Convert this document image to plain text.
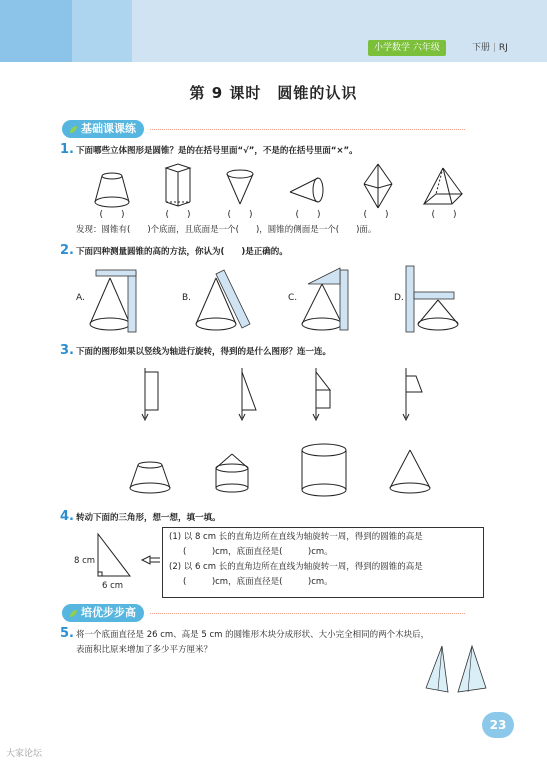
小学数学 六年级	下册 | RJ
第 9 课时　圆锥的认识
基础课课练
1. 下面哪些立体图形是圆锥？是的在括号里面“√”，不是的在括号里面“×”。
(　　)	(　　)	(　　)	(　　)	(　　)	(　　)
发现：圆锥有(　　)个底面，且底面是一个(　　)，圆锥的侧面是一个(　　)面。
2. 下面四种测量圆锥的高的方法，你认为(　　)是正确的。
A.	B.	C.	D.
3. 下面的图形如果以竖线为轴进行旋转，得到的是什么图形？连一连。
4. 转动下面的三角形，想一想，填一填。
8 cm
6 cm
(1) 以 8 cm 长的直角边所在直线为轴旋转一周，得到的圆锥的高是
(　　　)cm，底面直径是(　　　)cm。
(2) 以 6 cm 长的直角边所在直线为轴旋转一周，得到的圆锥的高是
(　　　)cm，底面直径是(　　　)cm。
培优步步高
5. 将一个底面直径是 26 cm、高是 5 cm 的圆锥形木块分成形状、大小完全相同的两个木块后，
表面积比原来增加了多少平方厘米？
23
大家论坛
